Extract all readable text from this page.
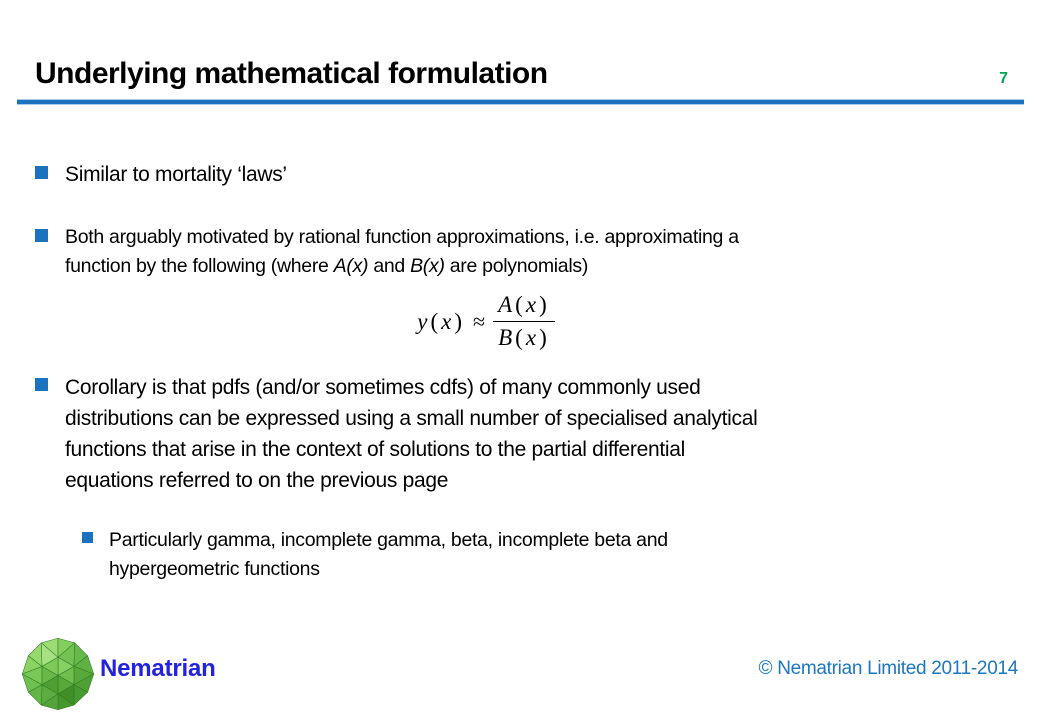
Underlying mathematical formulation	7
Similar to mortality ‘laws’
Both arguably motivated by rational function approximations, i.e. approximating a
function by the following (where A(x) and B(x) are polynomials)
y ( x ) ≈ $\frac{A ( x )}{B ( x )}$
Corollary is that pdfs (and/or sometimes cdfs) of many commonly used
distributions can be expressed using a small number of specialised analytical
functions that arise in the context of solutions to the partial differential
equations referred to on the previous page
Particularly gamma, incomplete gamma, beta, incomplete beta and
hypergeometric functions
Nematrian	© Nematrian Limited 2011-2014
